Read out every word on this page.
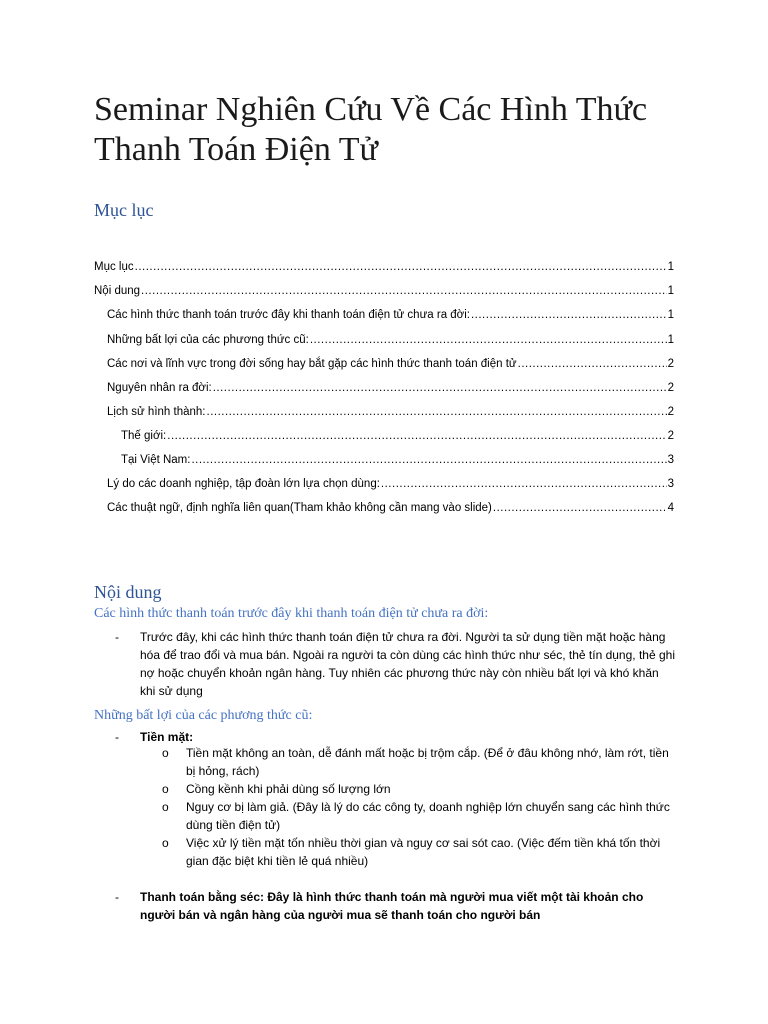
Seminar Nghiên Cứu Về Các Hình Thức Thanh Toán Điện Tử
Mục lục
Mục lục .....	1
Nội dung .....	1
Các hình thức thanh toán trước đây khi thanh toán điện tử chưa ra đời: .....	1
Những bất lợi của các phương thức cũ: .....	1
Các nơi và lĩnh vực trong đời sống hay bắt gặp các hình thức thanh toán điện tử .....	2
Nguyên nhân ra đời: .....	2
Lịch sử hình thành: .....	2
Thế giới: .....	2
Tại Việt Nam: .....	3
Lý do các doanh nghiệp, tập đoàn lớn lựa chọn dùng: .....	3
Các thuật ngữ, định nghĩa liên quan(Tham khảo không cần mang vào slide) .....	4
Nội dung
Các hình thức thanh toán trước đây khi thanh toán điện tử chưa ra đời:
- Trước đây, khi các hình thức thanh toán điện tử chưa ra đời. Người ta sử dụng tiền mặt hoặc hàng hóa để trao đổi và mua bán. Ngoài ra người ta còn dùng các hình thức như séc, thẻ tín dụng, thẻ ghi nợ hoặc chuyển khoản ngân hàng. Tuy nhiên các phương thức này còn nhiều bất lợi và khó khăn khi sử dụng
Những bất lợi của các phương thức cũ:
- Tiền mặt:
o Tiền mặt không an toàn, dễ đánh mất hoặc bị trộm cắp. (Để ở đâu không nhớ, làm rớt, tiền bị hỏng, rách)
o Cồng kềnh khi phải dùng số lượng lớn
o Nguy cơ bị làm giả. (Đây là lý do các công ty, doanh nghiệp lớn chuyển sang các hình thức dùng tiền điện tử)
o Việc xử lý tiền mặt tốn nhiều thời gian và nguy cơ sai sót cao. (Việc đếm tiền khá tốn thời gian đặc biệt khi tiền lẻ quá nhiều)
- Thanh toán bằng séc: Đây là hình thức thanh toán mà người mua viết một tài khoản cho người bán và ngân hàng của người mua sẽ thanh toán cho người bán
